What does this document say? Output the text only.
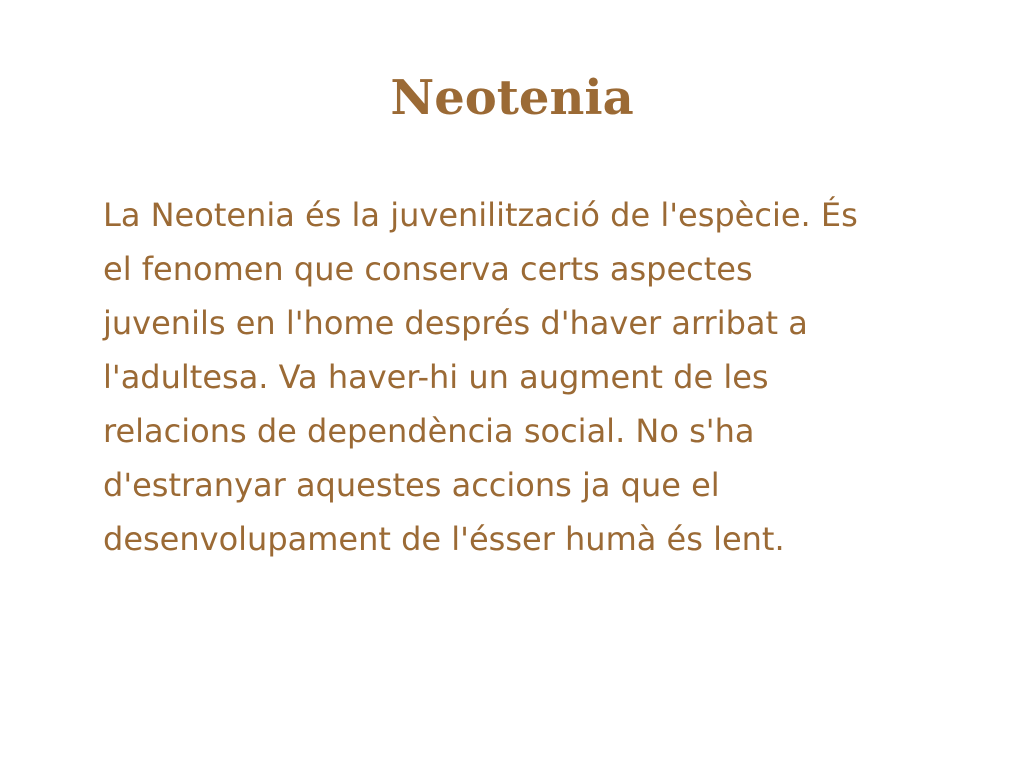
Neotenia
La Neotenia és la juvenilització de l'espècie. És
el fenomen que conserva certs aspectes
juvenils en l'home després d'haver arribat a
l'adultesa. Va haver-hi un augment de les
relacions de dependència social. No s'ha
d'estranyar aquestes accions ja que el
desenvolupament de l'ésser humà és lent.
